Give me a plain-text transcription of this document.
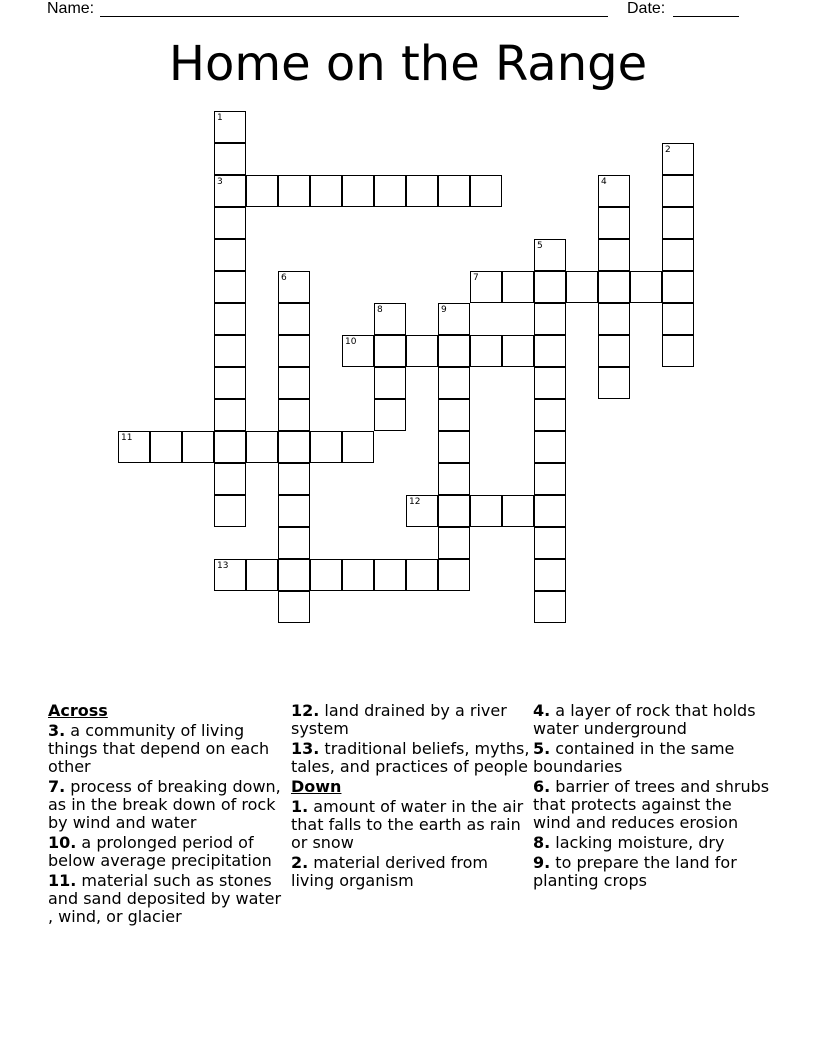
Name:	Date:
Home on the Range
1
2
3	4
5
6	7
8	9
10
11
12
13
Across
3. a community of living things that depend on each other
7. process of breaking down, as in the break down of rock by wind and water
10. a prolonged period of below average precipitation
11. material such as stones and sand deposited by water , wind, or glacier
12. land drained by a river system
13. traditional beliefs, myths, tales, and practices of people
Down
1. amount of water in the air that falls to the earth as rain or snow
2. material derived from living organism
4. a layer of rock that holds water underground
5. contained in the same boundaries
6. barrier of trees and shrubs that protects against the wind and reduces erosion
8. lacking moisture, dry
9. to prepare the land for planting crops
